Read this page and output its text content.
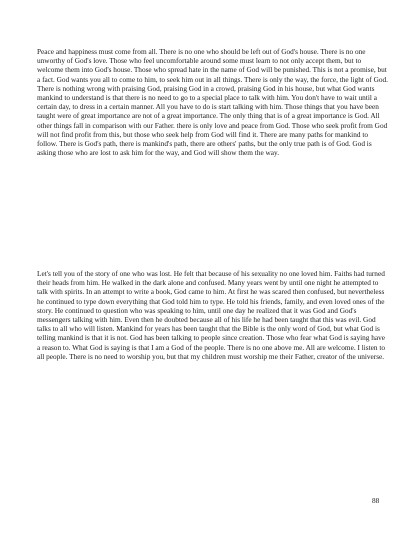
Peace and happiness must come from all. There is no one who should be left out of God's house. There is no one unworthy of God's love. Those who feel uncomfortable around some must learn to not only accept them, but to welcome them into God's house. Those who spread hate in the name of God will be punished. This is not a promise, but a fact. God wants you all to come to him, to seek him out in all things. There is only the way, the force, the light of God. There is nothing wrong with praising God, praising God in a crowd, praising God in his house, but what God wants mankind to understand is that there is no need to go to a special place to talk with him. You don't have to wait until a certain day, to dress in a certain manner. All you have to do is start talking with him. Those things that you have been taught were of great importance are not of a great importance. The only thing that is of a great importance is God. All other things fall in comparison with our Father. there is only love and peace from God. Those who seek profit from God will not find profit from this, but those who seek help from God will find it. There are many paths for mankind to follow. There is God's path, there is mankind's path, there are others' paths, but the only true path is of God. God is asking those who are lost to ask him for the way, and God will show them the way.

Let's tell you of the story of one who was lost. He felt that because of his sexuality no one loved him. Faiths had turned their heads from him. He walked in the dark alone and confused. Many years went by until one night he attempted to talk with spirits. In an attempt to write a book, God came to him. At first he was scared then confused, but nevertheless he continued to type down everything that God told him to type. He told his friends, family, and even loved ones of the story. He continued to question who was speaking to him, until one day he realized that it was God and God's messengers talking with him. Even then he doubted because all of his life he had been taught that this was evil. God talks to all who will listen. Mankind for years has been taught that the Bible is the only word of God, but what God is telling mankind is that it is not. God has been talking to people since creation. Those who fear what God is saying have a reason to. What God is saying is that I am a God of the people. There is no one above me. All are welcome. I listen to all people. There is no need to worship you, but that my children must worship me their Father, creator of the universe.

88
